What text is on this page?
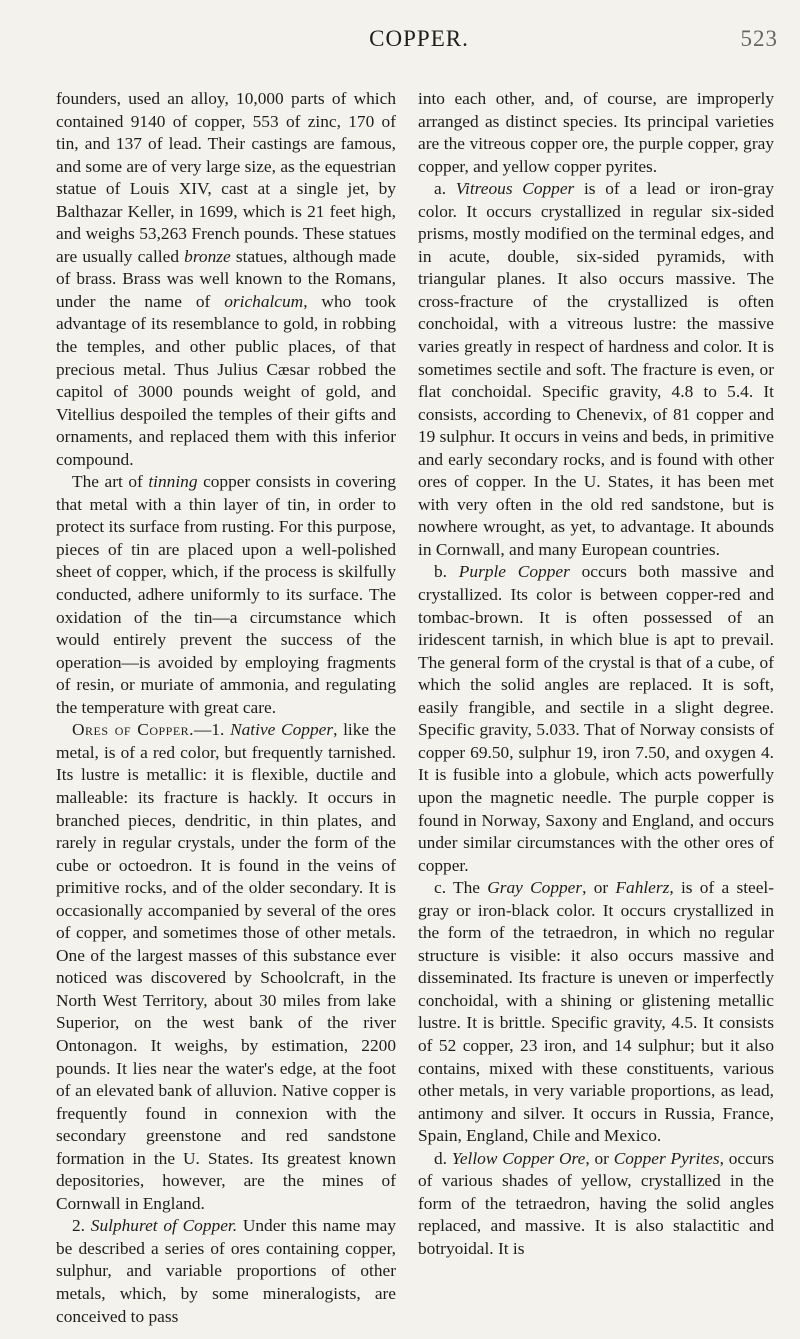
COPPER.	523

founders, used an alloy, 10,000 parts of which contained 9140 of copper, 553 of zinc, 170 of tin, and 137 of lead. Their castings are famous, and some are of very large size, as the equestrian statue of Louis XIV, cast at a single jet, by Balthazar Keller, in 1699, which is 21 feet high, and weighs 53,263 French pounds. These statues are usually called bronze statues, although made of brass. Brass was well known to the Romans, under the name of orichalcum, who took advantage of its resemblance to gold, in robbing the temples, and other public places, of that precious metal. Thus Julius Cæsar robbed the capitol of 3000 pounds weight of gold, and Vitellius despoiled the temples of their gifts and ornaments, and replaced them with this inferior compound.

The art of tinning copper consists in covering that metal with a thin layer of tin, in order to protect its surface from rusting. For this purpose, pieces of tin are placed upon a well-polished sheet of copper, which, if the process is skilfully conducted, adhere uniformly to its surface. The oxidation of the tin—a circumstance which would entirely prevent the success of the operation—is avoided by employing fragments of resin, or muriate of ammonia, and regulating the temperature with great care.

Ores of Copper.—1. Native Copper, like the metal, is of a red color, but frequently tarnished. Its lustre is metallic: it is flexible, ductile and malleable: its fracture is hackly. It occurs in branched pieces, dendritic, in thin plates, and rarely in regular crystals, under the form of the cube or octoedron. It is found in the veins of primitive rocks, and of the older secondary. It is occasionally accompanied by several of the ores of copper, and sometimes those of other metals. One of the largest masses of this substance ever noticed was discovered by Schoolcraft, in the North West Territory, about 30 miles from lake Superior, on the west bank of the river Ontonagon. It weighs, by estimation, 2200 pounds. It lies near the water's edge, at the foot of an elevated bank of alluvion. Native copper is frequently found in connexion with the secondary greenstone and red sandstone formation in the U. States. Its greatest known depositories, however, are the mines of Cornwall in England.

2. Sulphuret of Copper. Under this name may be described a series of ores containing copper, sulphur, and variable proportions of other metals, which, by some mineralogists, are conceived to pass

into each other, and, of course, are improperly arranged as distinct species. Its principal varieties are the vitreous copper ore, the purple copper, gray copper, and yellow copper pyrites.

a. Vitreous Copper is of a lead or iron-gray color. It occurs crystallized in regular six-sided prisms, mostly modified on the terminal edges, and in acute, double, six-sided pyramids, with triangular planes. It also occurs massive. The cross-fracture of the crystallized is often conchoidal, with a vitreous lustre: the massive varies greatly in respect of hardness and color. It is sometimes sectile and soft. The fracture is even, or flat conchoidal. Specific gravity, 4.8 to 5.4. It consists, according to Chenevix, of 81 copper and 19 sulphur. It occurs in veins and beds, in primitive and early secondary rocks, and is found with other ores of copper. In the U. States, it has been met with very often in the old red sandstone, but is nowhere wrought, as yet, to advantage. It abounds in Cornwall, and many European countries.

b. Purple Copper occurs both massive and crystallized. Its color is between copper-red and tombac-brown. It is often possessed of an iridescent tarnish, in which blue is apt to prevail. The general form of the crystal is that of a cube, of which the solid angles are replaced. It is soft, easily frangible, and sectile in a slight degree. Specific gravity, 5.033. That of Norway consists of copper 69.50, sulphur 19, iron 7.50, and oxygen 4. It is fusible into a globule, which acts powerfully upon the magnetic needle. The purple copper is found in Norway, Saxony and England, and occurs under similar circumstances with the other ores of copper.

c. The Gray Copper, or Fahlerz, is of a steel-gray or iron-black color. It occurs crystallized in the form of the tetraedron, in which no regular structure is visible: it also occurs massive and disseminated. Its fracture is uneven or imperfectly conchoidal, with a shining or glistening metallic lustre. It is brittle. Specific gravity, 4.5. It consists of 52 copper, 23 iron, and 14 sulphur; but it also contains, mixed with these constituents, various other metals, in very variable proportions, as lead, antimony and silver. It occurs in Russia, France, Spain, England, Chile and Mexico.

d. Yellow Copper Ore, or Copper Pyrites, occurs of various shades of yellow, crystallized in the form of the tetraedron, having the solid angles replaced, and massive. It is also stalactitic and botryoidal. It is
